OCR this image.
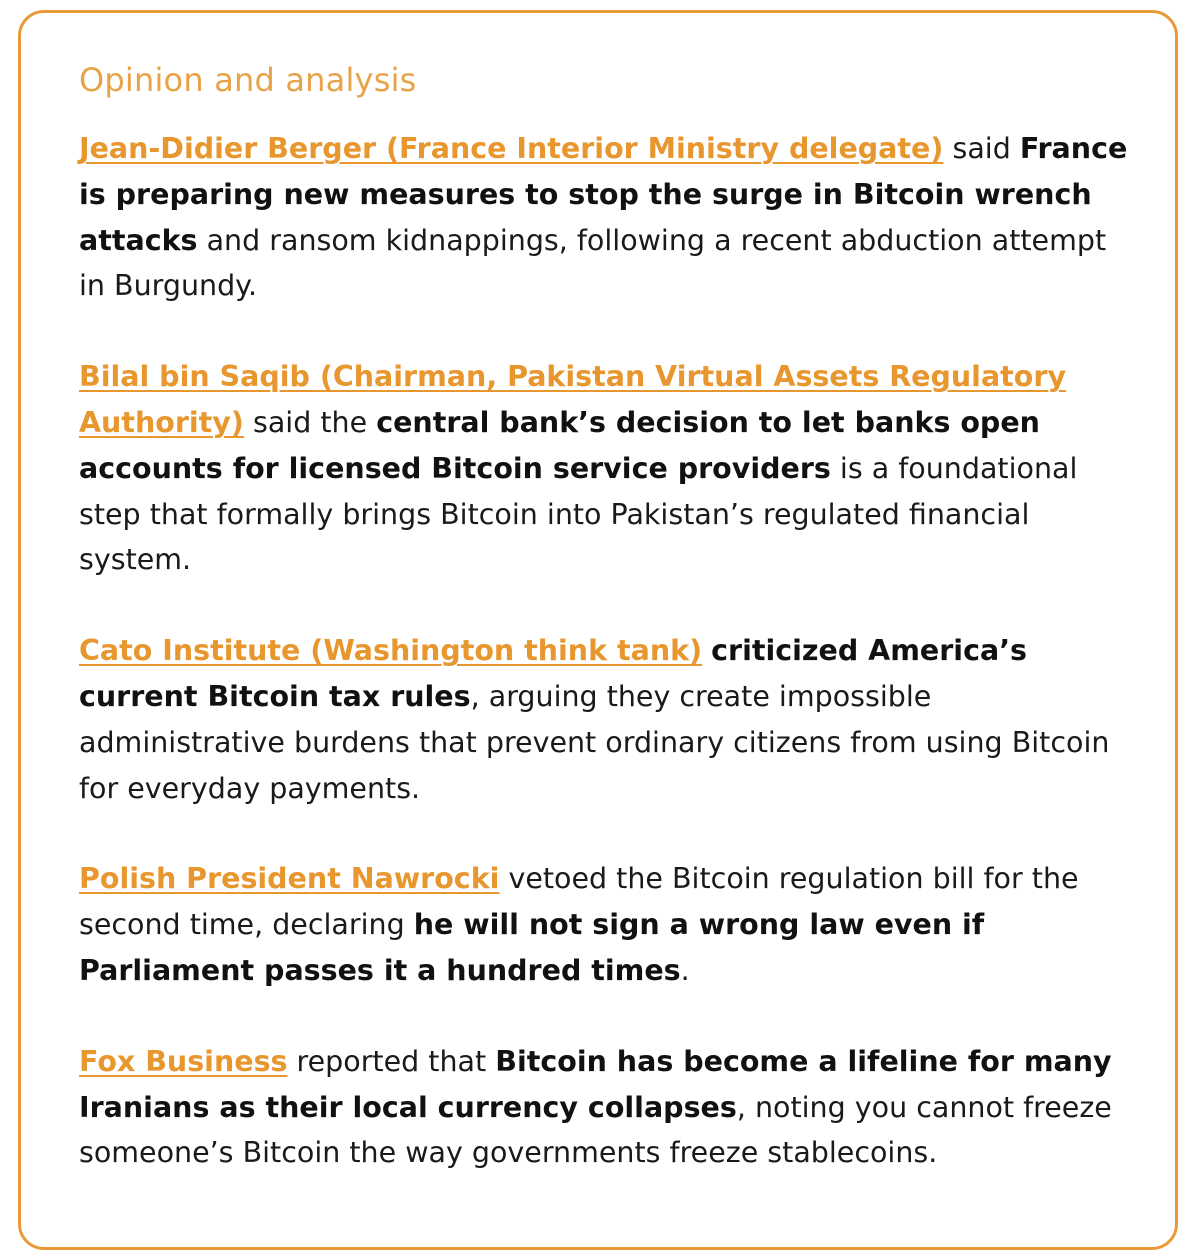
Opinion and analysis

Jean-Didier Berger (France Interior Ministry delegate) said France is preparing new measures to stop the surge in Bitcoin wrench attacks and ransom kidnappings, following a recent abduction attempt in Burgundy.

Bilal bin Saqib (Chairman, Pakistan Virtual Assets Regulatory Authority) said the central bank’s decision to let banks open accounts for licensed Bitcoin service providers is a foundational step that formally brings Bitcoin into Pakistan’s regulated financial system.

Cato Institute (Washington think tank) criticized America’s current Bitcoin tax rules, arguing they create impossible administrative burdens that prevent ordinary citizens from using Bitcoin for everyday payments.

Polish President Nawrocki vetoed the Bitcoin regulation bill for the second time, declaring he will not sign a wrong law even if Parliament passes it a hundred times.

Fox Business reported that Bitcoin has become a lifeline for many Iranians as their local currency collapses, noting you cannot freeze someone’s Bitcoin the way governments freeze stablecoins.
